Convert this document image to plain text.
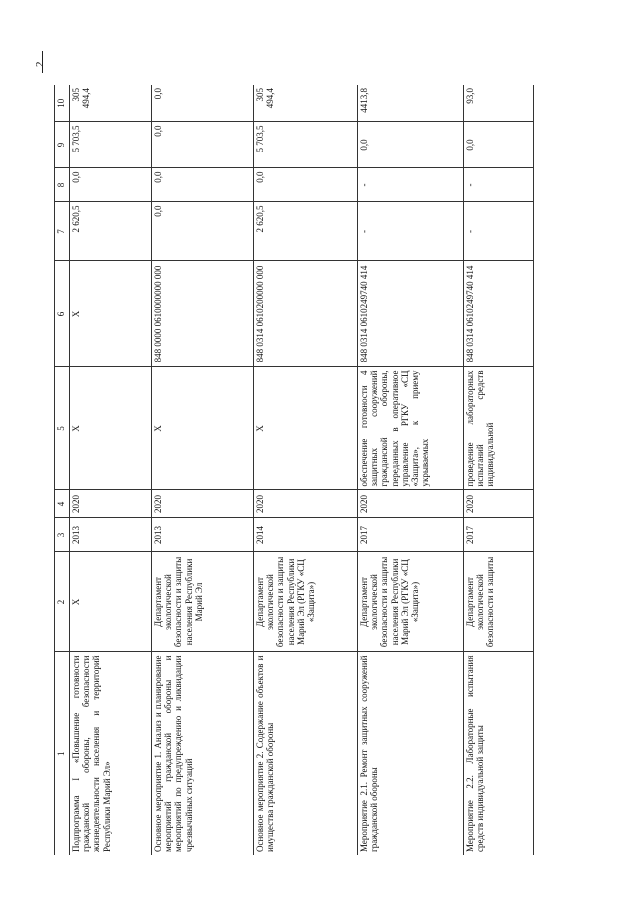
2
1	2	3	4	5	6	7	8	9	10
Подпрограмма I «Повышение готовности гражданской обороны, безопасности жизнедеятельности населения и территорий Республики Марий Эл»	X	2013	2020	X	X	2 620,5	0,0	5 703,5	305 494,4
Основное мероприятие 1. Анализ и планирование мероприятий гражданской обороны и мероприятий по предупреждению и ликвидации чрезвычайных ситуаций	Департамент экологической безопасности и защиты населения Республики Марий Эл	2013	2020	X	848 0000 0610000000 000	0,0	0,0	0,0	0,0
Основное мероприятие 2. Содержание объектов и имущества гражданской обороны	Департамент экологической безопасности и защиты населения Республики Марий Эл (РГКУ «СЦ «Защита»)	2014	2020	X	848 0314 0610200000 000	2 620,5	0,0	5 703,5	305 494,4
Мероприятие 2.1. Ремонт защитных сооружений гражданской обороны	Департамент экологической безопасности и защиты населения Республики Марий Эл (РГКУ «СЦ «Защита»)	2017	2020	обеспечение готовности 4 защитных сооружений гражданской обороны, переданных в оперативное управление РГКУ «СЦ «Защита», к приему укрываемых	848 0314 0610249740 414	-	-	0,0	4413,8
Мероприятие 2.2. Лабораторные испытания средств индивидуальной защиты	Департамент экологической безопасности и защиты	2017	2020	проведение лабораторных испытаний средств индивидуальной	848 0314 0610249740 414	-	-	0,0	93,0
